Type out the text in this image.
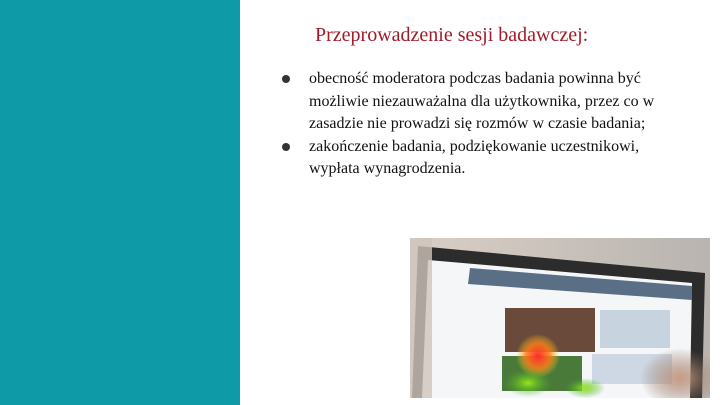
Przeprowadzenie sesji badawczej:
obecność moderatora podczas badania powinna być możliwie niezauważalna dla użytkownika, przez co w zasadzie nie prowadzi się rozmów w czasie badania;
zakończenie badania, podziękowanie uczestnikowi, wypłata wynagrodzenia.
